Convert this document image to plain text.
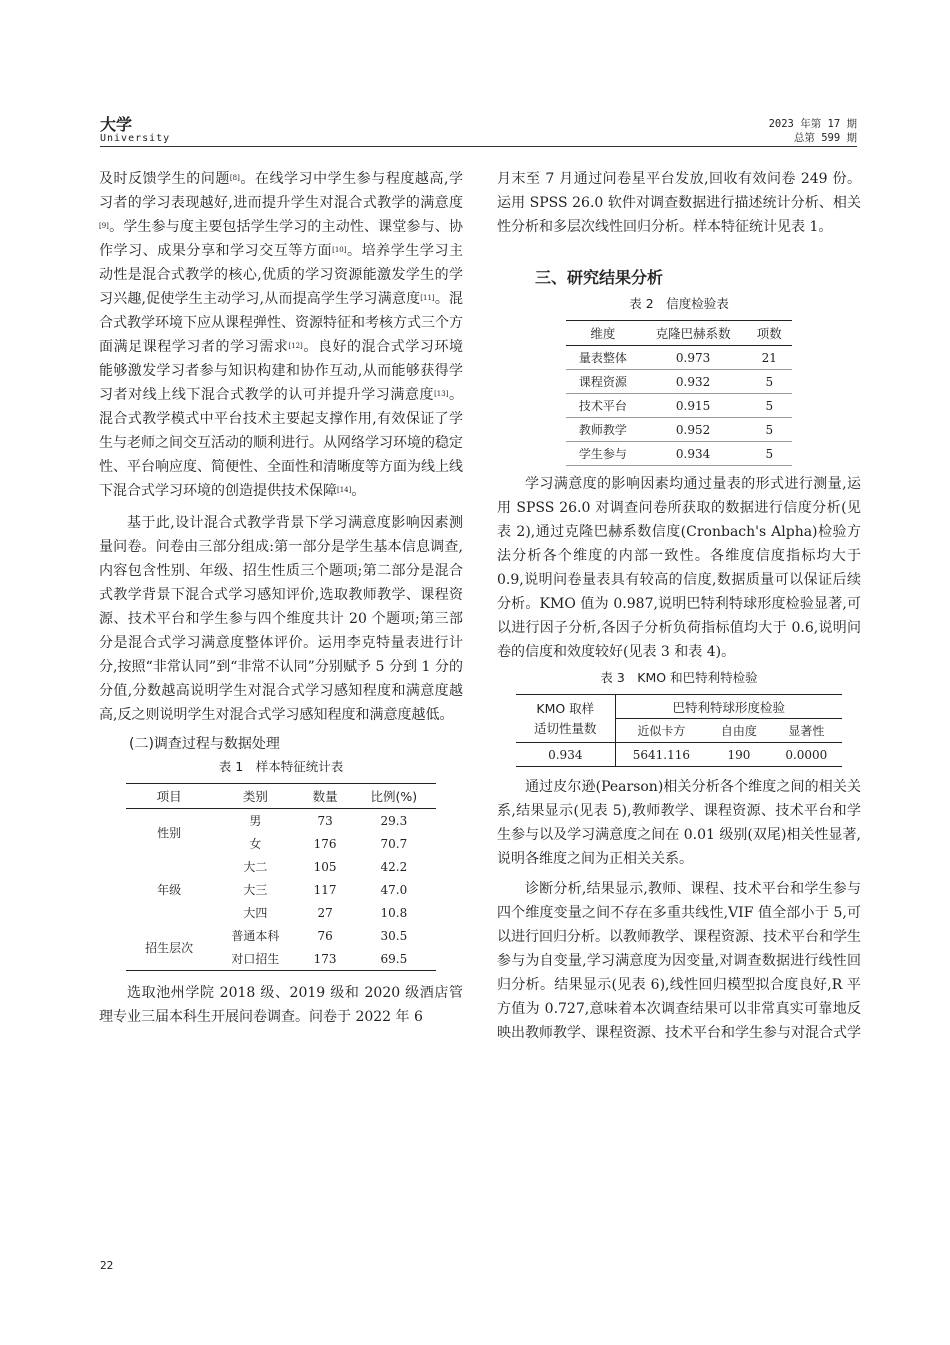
大学
University
2023 年第 17 期
总第 599 期

及时反馈学生的问题[8]。在线学习中学生参与程度越高,学习者的学习表现越好,进而提升学生对混合式教学的满意度[9]。学生参与度主要包括学生学习的主动性、课堂参与、协作学习、成果分享和学习交互等方面[10]。培养学生学习主动性是混合式教学的核心,优质的学习资源能激发学生的学习兴趣,促使学生主动学习,从而提高学生学习满意度[11]。混合式教学环境下应从课程弹性、资源特征和考核方式三个方面满足课程学习者的学习需求[12]。良好的混合式学习环境能够激发学习者参与知识构建和协作互动,从而能够获得学习者对线上线下混合式教学的认可并提升学习满意度[13]。混合式教学模式中平台技术主要起支撑作用,有效保证了学生与老师之间交互活动的顺利进行。从网络学习环境的稳定性、平台响应度、简便性、全面性和清晰度等方面为线上线下混合式学习环境的创造提供技术保障[14]。

基于此,设计混合式教学背景下学习满意度影响因素测量问卷。问卷由三部分组成:第一部分是学生基本信息调查,内容包含性别、年级、招生性质三个题项;第二部分是混合式教学背景下混合式学习感知评价,选取教师教学、课程资源、技术平台和学生参与四个维度共计 20 个题项;第三部分是混合式学习满意度整体评价。运用李克特量表进行计分,按照“非常认同”到“非常不认同”分别赋予 5 分到 1 分的分值,分数越高说明学生对混合式学习感知程度和满意度越高,反之则说明学生对混合式学习感知程度和满意度越低。

(二)调查过程与数据处理
表 1　样本特征统计表
项目	类别	数量	比例(%)
性别	男	73	29.3
	女	176	70.7
年级	大二	105	42.2
	大三	117	47.0
	大四	27	10.8
招生层次	普通本科	76	30.5
	对口招生	173	69.5

选取池州学院 2018 级、2019 级和 2020 级酒店管理专业三届本科生开展问卷调查。问卷于 2022 年 6

月末至 7 月通过问卷星平台发放,回收有效问卷 249 份。运用 SPSS 26.0 软件对调查数据进行描述统计分析、相关性分析和多层次线性回归分析。样本特征统计见表 1。

三、研究结果分析
表 2　信度检验表
维度	克隆巴赫系数	项数
量表整体	0.973	21
课程资源	0.932	5
技术平台	0.915	5
教师教学	0.952	5
学生参与	0.934	5

学习满意度的影响因素均通过量表的形式进行测量,运用 SPSS 26.0 对调查问卷所获取的数据进行信度分析(见表 2),通过克隆巴赫系数信度(Cronbach's Alpha)检验方法分析各个维度的内部一致性。各维度信度指标均大于 0.9,说明问卷量表具有较高的信度,数据质量可以保证后续分析。KMO 值为 0.987,说明巴特利特球形度检验显著,可以进行因子分析,各因子分析负荷指标值均大于 0.6,说明问卷的信度和效度较好(见表 3 和表 4)。

表 3　KMO 和巴特利特检验
KMO 取样
适切性量数	巴特利特球形度检验		
	近似卡方	自由度	显著性
0.934	5641.116	190	0.0000

通过皮尔逊(Pearson)相关分析各个维度之间的相关关系,结果显示(见表 5),教师教学、课程资源、技术平台和学生参与以及学习满意度之间在 0.01 级别(双尾)相关性显著,说明各维度之间为正相关关系。

诊断分析,结果显示,教师、课程、技术平台和学生参与四个维度变量之间不存在多重共线性,VIF 值全部小于 5,可以进行回归分析。以教师教学、课程资源、技术平台和学生参与为自变量,学习满意度为因变量,对调查数据进行线性回归分析。结果显示(见表 6),线性回归模型拟合度良好,R 平方值为 0.727,意味着本次调查结果可以非常真实可靠地反映出教师教学、课程资源、技术平台和学生参与对混合式学

22
